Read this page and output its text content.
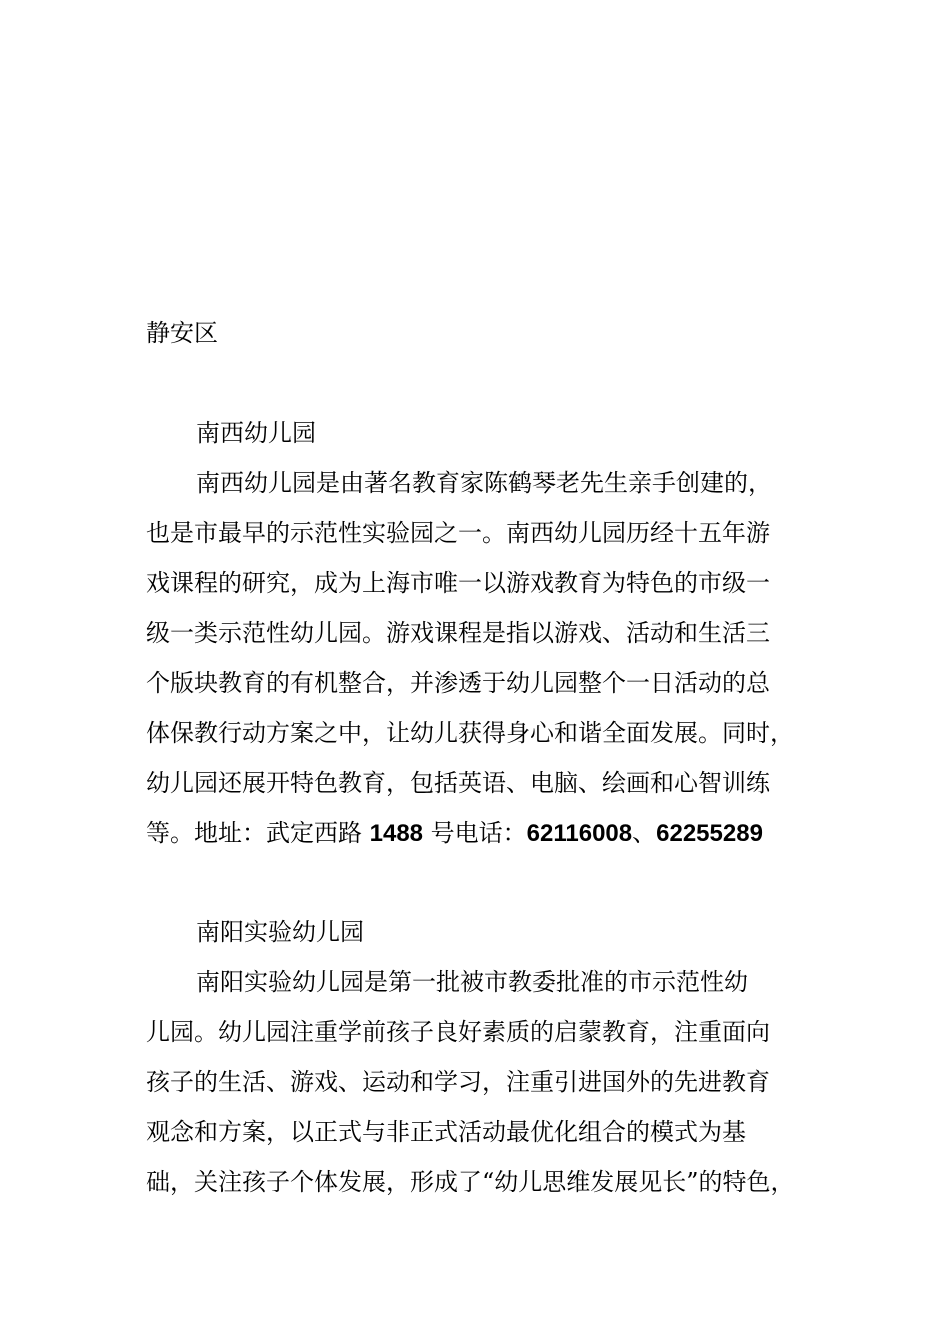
静安区
南西幼儿园
南西幼儿园是由著名教育家陈鹤琴老先生亲手创建的，
也是市最早的示范性实验园之一。南西幼儿园历经十五年游
戏课程的研究，成为上海市唯一以游戏教育为特色的市级一
级一类示范性幼儿园。游戏课程是指以游戏、活动和生活三
个版块教育的有机整合，并渗透于幼儿园整个一日活动的总
体保教行动方案之中，让幼儿获得身心和谐全面发展。同时，
幼儿园还展开特色教育，包括英语、电脑、绘画和心智训练
等。地址：武定西路 1488 号电话：62116008、62255289
南阳实验幼儿园
南阳实验幼儿园是第一批被市教委批准的市示范性幼
儿园。幼儿园注重学前孩子良好素质的启蒙教育，注重面向
孩子的生活、游戏、运动和学习，注重引进国外的先进教育
观念和方案，以正式与非正式活动最优化组合的模式为基
础，关注孩子个体发展，形成了“幼儿思维发展见长”的特色，
